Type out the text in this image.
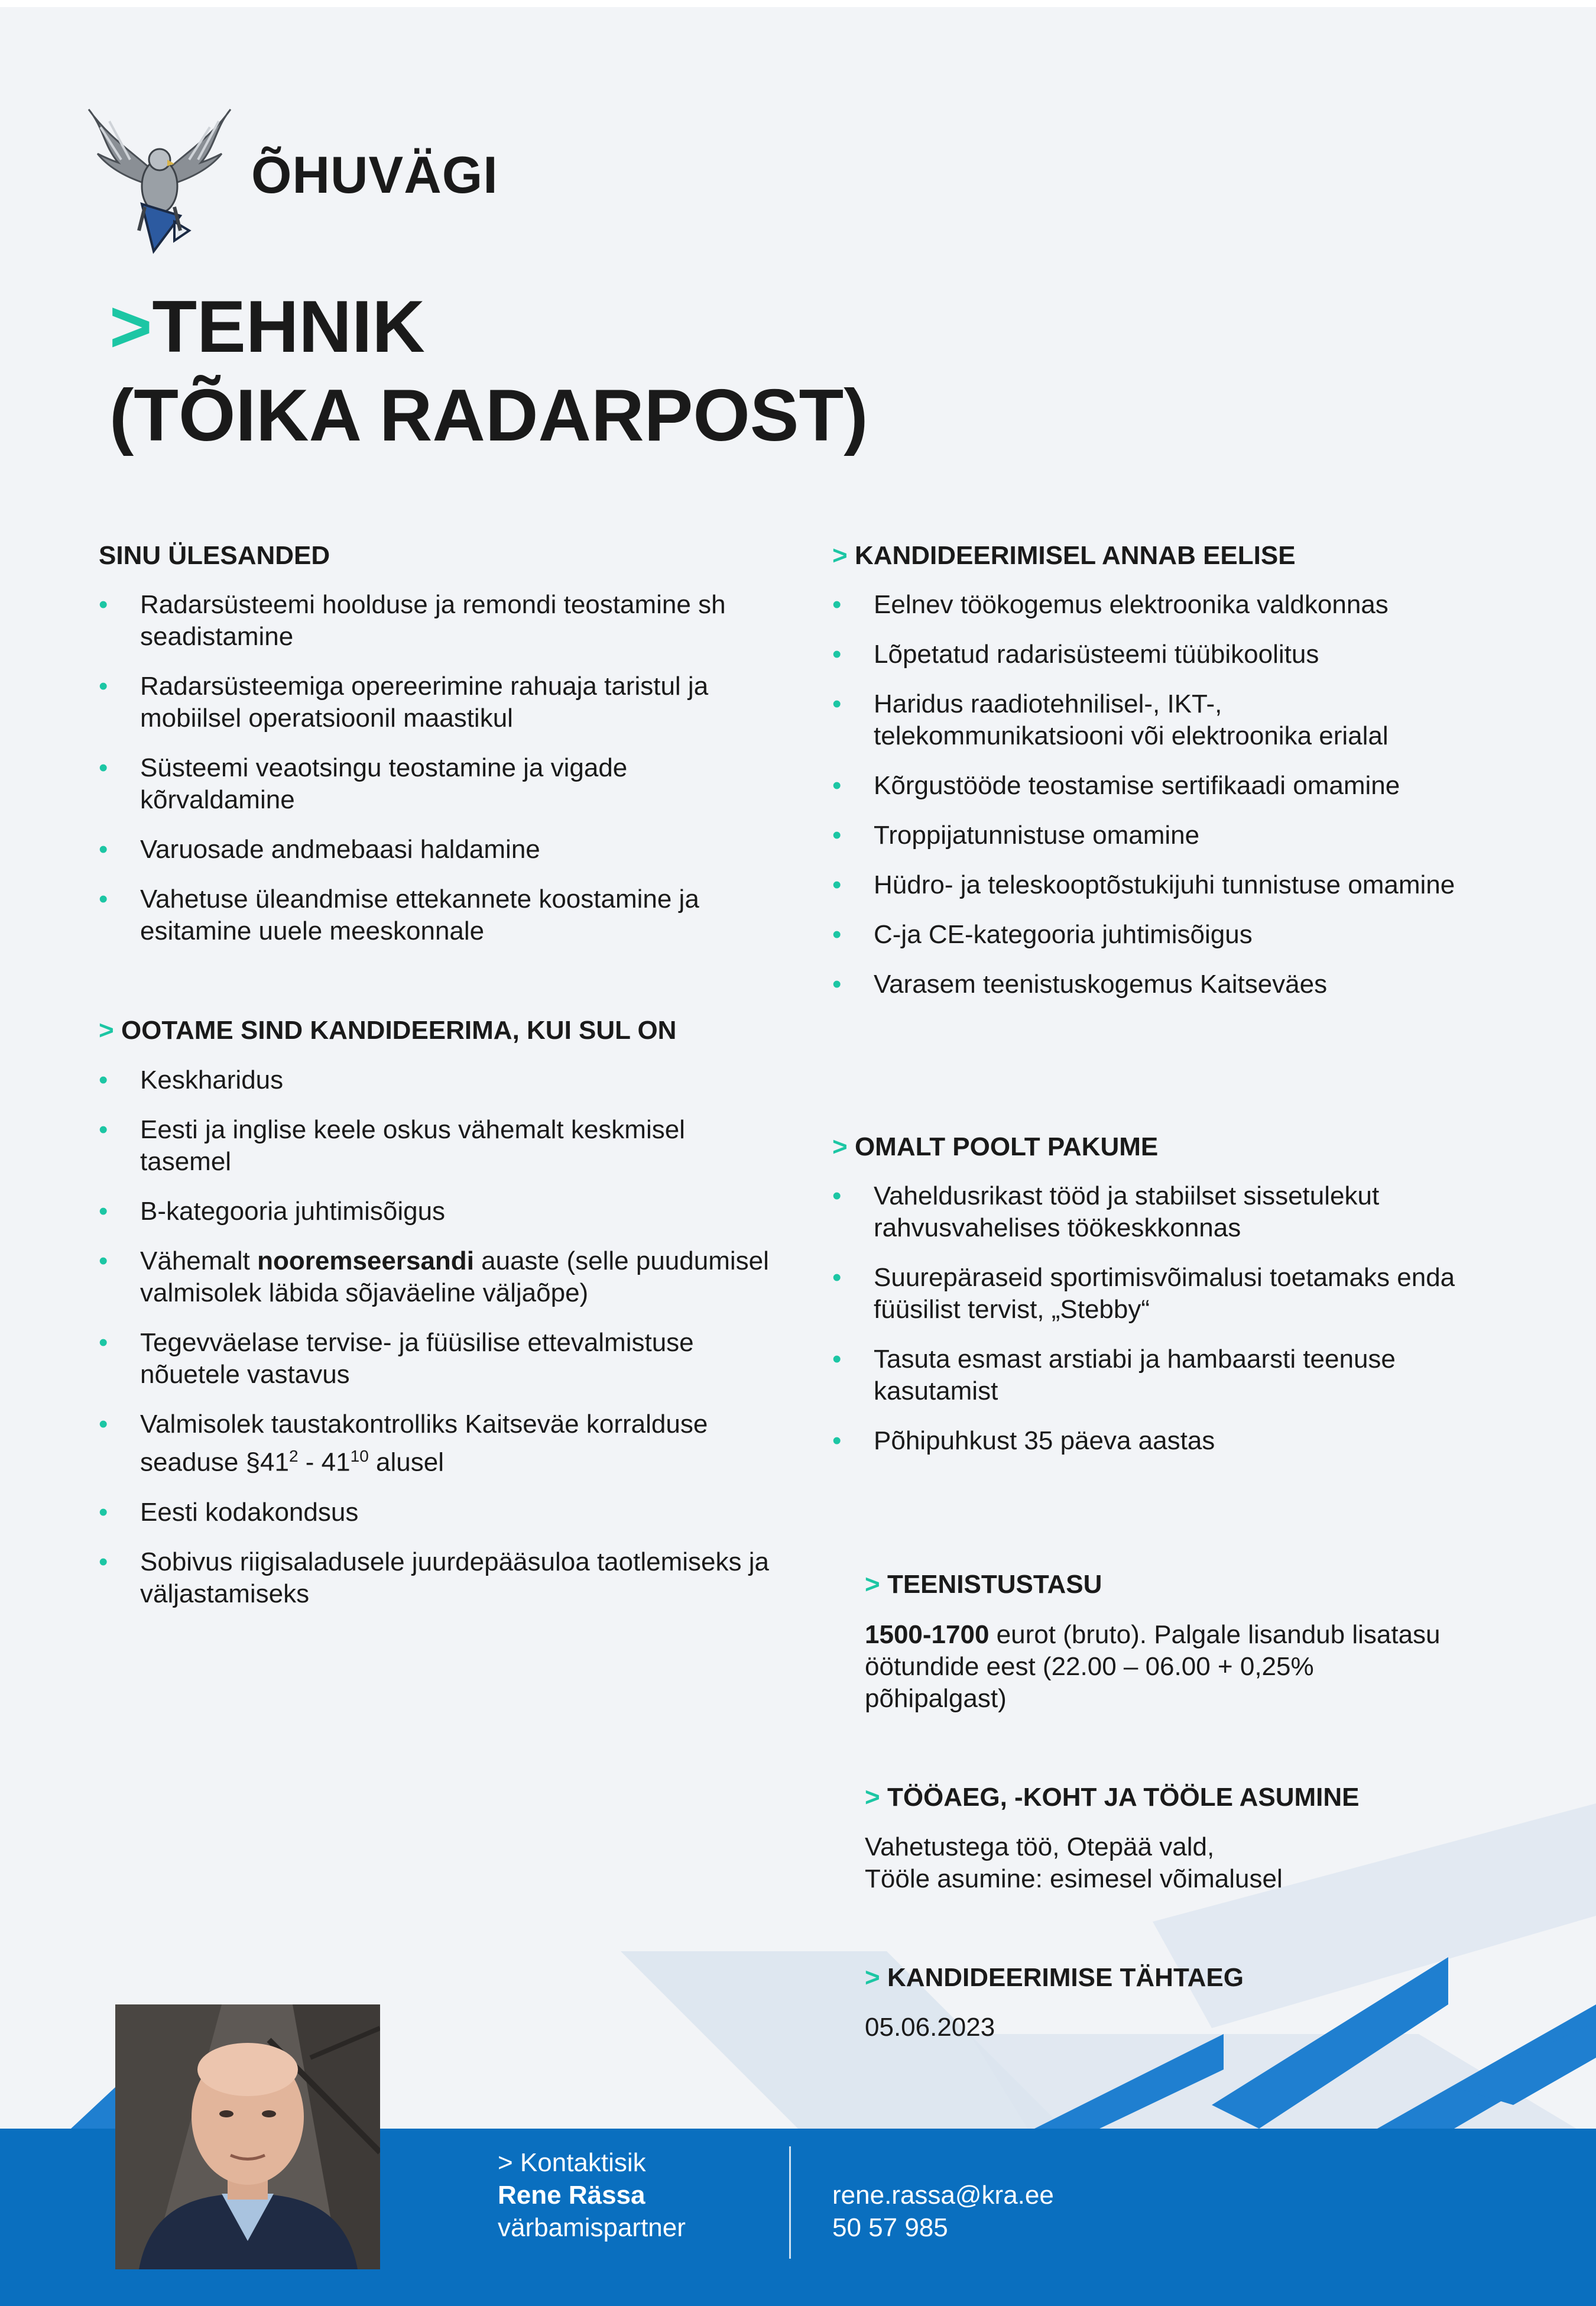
ÕHUVÄGI
>TEHNIK
(TÕIKA RADARPOST)
SINU ÜLESANDED
• Radarsüsteemi hoolduse ja remondi teostamine sh seadistamine
• Radarsüsteemiga opereerimine rahuaja taristul ja mobiilsel operatsioonil maastikul
• Süsteemi veaotsingu teostamine ja vigade kõrvaldamine
• Varuosade andmebaasi haldamine
• Vahetuse üleandmise ettekannete koostamine ja esitamine uuele meeskonnale
> OOTAME SIND KANDIDEERIMA, KUI SUL ON
• Keskharidus
• Eesti ja inglise keele oskus vähemalt keskmisel tasemel
• B-kategooria juhtimisõigus
• Vähemalt nooremseersandi auaste (selle puudumisel valmisolek läbida sõjaväeline väljaõpe)
• Tegevväelase tervise- ja füüsilise ettevalmistuse nõuetele vastavus
• Valmisolek taustakontrolliks Kaitseväe korralduse seaduse $\S 41^2 - 41^{10}$ alusel
• Eesti kodakondsus
• Sobivus riigisaladusele juurdepääsuloa taotlemiseks ja väljastamiseks
> KANDIDEERIMISEL ANNAB EELISE
• Eelnev töökogemus elektroonika valdkonnas
• Lõpetatud radarisüsteemi tüübikoolitus
• Haridus raadiotehnilisel-, IKT-, telekommunikatsiooni või elektroonika erialal
• Kõrgustööde teostamise sertifikaadi omamine
• Troppijatunnistuse omamine
• Hüdro- ja teleskooptõstukijuhi tunnistuse omamine
• C-ja CE-kategooria juhtimisõigus
• Varasem teenistuskogemus Kaitseväes
> OMALT POOLT PAKUME
• Vaheldusrikast tööd ja stabiilset sissetulekut rahvusvahelises töökeskkonnas
• Suurepäraseid sportimisvõimalusi toetamaks enda füüsilist tervist, „Stebby“
• Tasuta esmast arstiabi ja hambaarsti teenuse kasutamist
• Põhipuhkust 35 päeva aastas
> TEENISTUSTASU
1500-1700 eurot (bruto). Palgale lisandub lisatasu öötundide eest (22.00 – 06.00 + 0,25% põhipalgast)
> TÖÖAEG, -KOHT JA TÖÖLE ASUMINE
Vahetustega töö, Otepää vald,
Tööle asumine: esimesel võimalusel
> KANDIDEERIMISE TÄHTAEG
05.06.2023
> Kontaktisik
Rene Rässa
värbamispartner
rene.rassa@kra.ee
50 57 985
